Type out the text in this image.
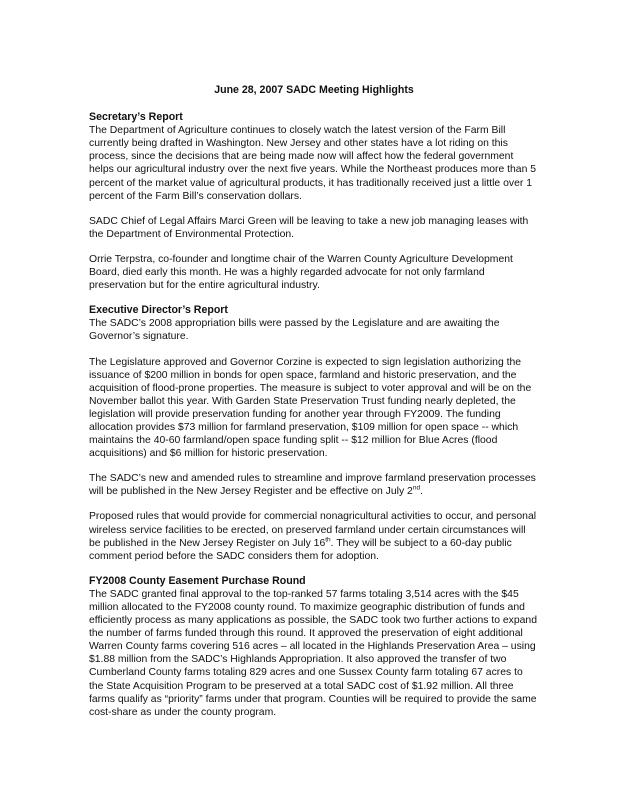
June 28, 2007 SADC Meeting Highlights
Secretary’s Report

The Department of Agriculture continues to closely watch the latest version of the Farm Bill currently being drafted in Washington. New Jersey and other states have a lot riding on this process, since the decisions that are being made now will affect how the federal government helps our agricultural industry over the next five years. While the Northeast produces more than 5 percent of the market value of agricultural products, it has traditionally received just a little over 1 percent of the Farm Bill’s conservation dollars.

SADC Chief of Legal Affairs Marci Green will be leaving to take a new job managing leases with the Department of Environmental Protection.

Orrie Terpstra, co-founder and longtime chair of the Warren County Agriculture Development Board, died early this month. He was a highly regarded advocate for not only farmland preservation but for the entire agricultural industry.

Executive Director’s Report

The SADC’s 2008 appropriation bills were passed by the Legislature and are awaiting the Governor’s signature.

The Legislature approved and Governor Corzine is expected to sign legislation authorizing the issuance of $200 million in bonds for open space, farmland and historic preservation, and the acquisition of flood-prone properties. The measure is subject to voter approval and will be on the November ballot this year. With Garden State Preservation Trust funding nearly depleted, the legislation will provide preservation funding for another year through FY2009. The funding allocation provides $73 million for farmland preservation, $109 million for open space -- which maintains the 40-60 farmland/open space funding split -- $12 million for Blue Acres (flood acquisitions) and $6 million for historic preservation.

The SADC’s new and amended rules to streamline and improve farmland preservation processes will be published in the New Jersey Register and be effective on July 2nd.

Proposed rules that would provide for commercial nonagricultural activities to occur, and personal wireless service facilities to be erected, on preserved farmland under certain circumstances will be published in the New Jersey Register on July 16th. They will be subject to a 60-day public comment period before the SADC considers them for adoption.

FY2008 County Easement Purchase Round

The SADC granted final approval to the top-ranked 57 farms totaling 3,514 acres with the $45 million allocated to the FY2008 county round. To maximize geographic distribution of funds and efficiently process as many applications as possible, the SADC took two further actions to expand the number of farms funded through this round. It approved the preservation of eight additional Warren County farms covering 516 acres – all located in the Highlands Preservation Area – using $1.88 million from the SADC’s Highlands Appropriation. It also approved the transfer of two Cumberland County farms totaling 829 acres and one Sussex County farm totaling 67 acres to the State Acquisition Program to be preserved at a total SADC cost of $1.92 million. All three farms qualify as “priority” farms under that program. Counties will be required to provide the same cost-share as under the county program.
